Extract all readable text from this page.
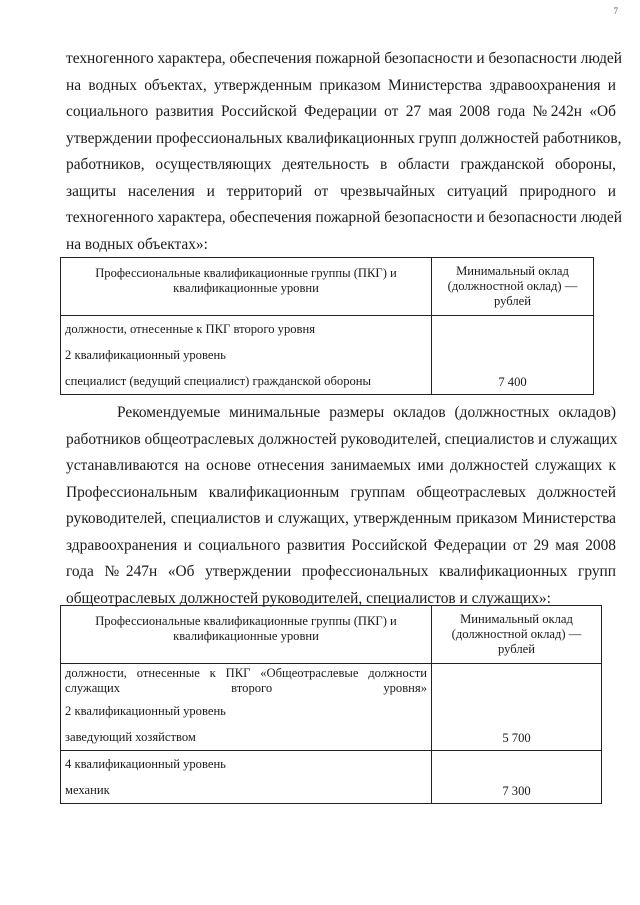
7

техногенного характера, обеспечения пожарной безопасности и безопасности людей
на водных объектах, утвержденным приказом Министерства здравоохранения и
социального развития Российской Федерации от 27 мая 2008 года №242н «Об
утверждении профессиональных квалификационных групп должностей работников,
работников, осуществляющих деятельность в области гражданской обороны,
защиты населения и территорий от чрезвычайных ситуаций природного и
техногенного характера, обеспечения пожарной безопасности и безопасности людей
на водных объектах»:

Профессиональные квалификационные группы (ПКГ) и квалификационные уровни	Минимальный оклад (должностной оклад) — рублей

должности, отнесенные к ПКГ второго уровня
2 квалификационный уровень
специалист (ведущий специалист) гражданской обороны	7 400

Рекомендуемые минимальные размеры окладов (должностных окладов)
работников общеотраслевых должностей руководителей, специалистов и служащих
устанавливаются на основе отнесения занимаемых ими должностей служащих к
Профессиональным квалификационным группам общеотраслевых должностей
руководителей, специалистов и служащих, утвержденным приказом Министерства
здравоохранения и социального развития Российской Федерации от 29 мая 2008
года №247н «Об утверждении профессиональных квалификационных групп
общеотраслевых должностей руководителей, специалистов и служащих»:

Профессиональные квалификационные группы (ПКГ) и квалификационные уровни	Минимальный оклад (должностной оклад) — рублей

должности, отнесенные к ПКГ «Общеотраслевые должности служащих второго уровня»
2 квалификационный уровень
заведующий хозяйством	5 700

4 квалификационный уровень
механик	7 300
